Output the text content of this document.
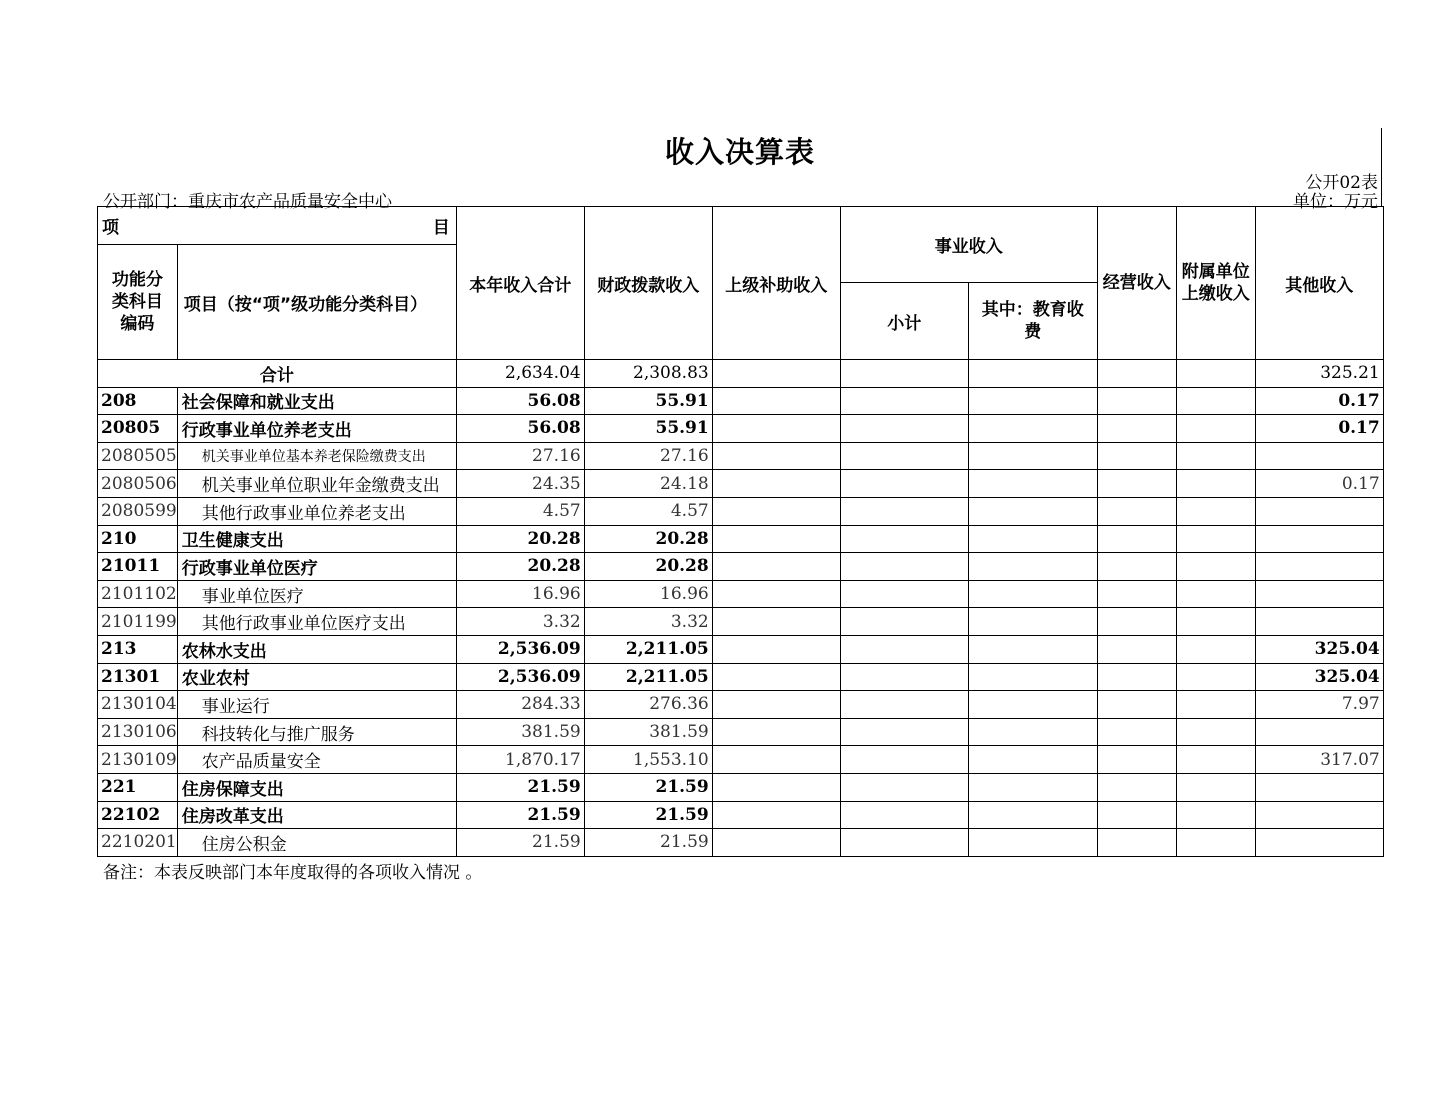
收入决算表
公开02表
公开部门：重庆市农产品质量安全中心	单位：万元
项 目		本年收入合计	财政拨款收入	上级补助收入	事业收入		经营收入	附属单位上缴收入	其他收入
功能分类科目编码	项目（按“项”级功能分类科目）								
					小计	其中：教育收费			
合计		2,634.04	2,308.83						325.21
208	社会保障和就业支出	56.08	55.91						0.17
20805	行政事业单位养老支出	56.08	55.91						0.17
2080505	机关事业单位基本养老保险缴费支出	27.16	27.16						
2080506	机关事业单位职业年金缴费支出	24.35	24.18						0.17
2080599	其他行政事业单位养老支出	4.57	4.57						
210	卫生健康支出	20.28	20.28						
21011	行政事业单位医疗	20.28	20.28						
2101102	事业单位医疗	16.96	16.96						
2101199	其他行政事业单位医疗支出	3.32	3.32						
213	农林水支出	2,536.09	2,211.05						325.04
21301	农业农村	2,536.09	2,211.05						325.04
2130104	事业运行	284.33	276.36						7.97
2130106	科技转化与推广服务	381.59	381.59						
2130109	农产品质量安全	1,870.17	1,553.10						317.07
221	住房保障支出	21.59	21.59						
22102	住房改革支出	21.59	21.59						
2210201	住房公积金	21.59	21.59						
备注：本表反映部门本年度取得的各项收入情况 。
